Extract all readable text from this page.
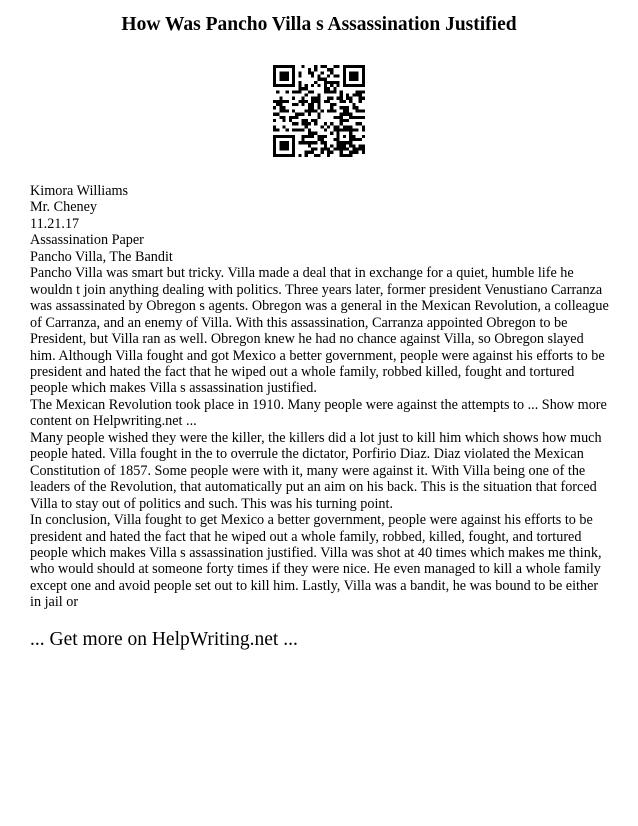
How Was Pancho Villa s Assassination Justified

Kimora Williams

Mr. Cheney

11.21.17

Assassination Paper

Pancho Villa, The Bandit

Pancho Villa was smart but tricky. Villa made a deal that in exchange for a quiet, humble life he wouldn t join anything dealing with politics. Three years later, former president Venustiano Carranza was assassinated by Obregon s agents. Obregon was a general in the Mexican Revolution, a colleague of Carranza, and an enemy of Villa. With this assassination, Carranza appointed Obregon to be President, but Villa ran as well. Obregon knew he had no chance against Villa, so Obregon slayed him. Although Villa fought and got Mexico a better government, people were against his efforts to be president and hated the fact that he wiped out a whole family, robbed killed, fought and tortured people which makes Villa s assassination justified.

The Mexican Revolution took place in 1910. Many people were against the attempts to ... Show more content on Helpwriting.net ...

Many people wished they were the killer, the killers did a lot just to kill him which shows how much people hated. Villa fought in the to overrule the dictator, Porfirio Diaz. Diaz violated the Mexican Constitution of 1857. Some people were with it, many were against it. With Villa being one of the leaders of the Revolution, that automatically put an aim on his back. This is the situation that forced Villa to stay out of politics and such. This was his turning point.

In conclusion, Villa fought to get Mexico a better government, people were against his efforts to be president and hated the fact that he wiped out a whole family, robbed, killed, fought, and tortured people which makes Villa s assassination justified. Villa was shot at 40 times which makes me think, who would should at someone forty times if they were nice. He even managed to kill a whole family except one and avoid people set out to kill him. Lastly, Villa was a bandit, he was bound to be either in jail or

... Get more on HelpWriting.net ...
